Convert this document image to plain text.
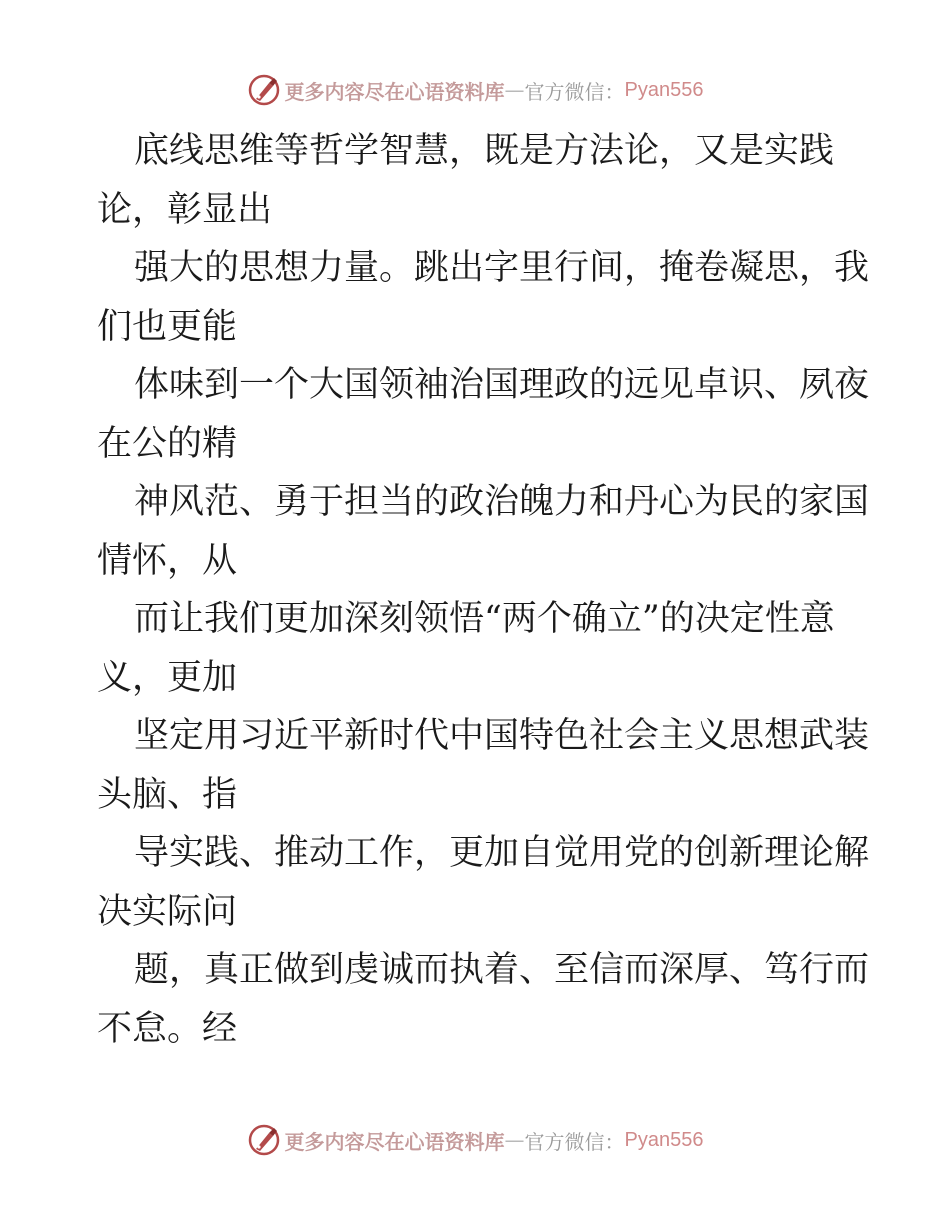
更多内容尽在心语资料库 — 官方微信： Pyan556

底线思维等哲学智慧，既是方法论，又是实践
论，彰显出

强大的思想力量。跳出字里行间，掩卷凝思，我
们也更能

体味到一个大国领袖治国理政的远见卓识、夙夜
在公的精

神风范、勇于担当的政治魄力和丹心为民的家国
情怀，从

而让我们更加深刻领悟“两个确立”的决定性意
义，更加

坚定用习近平新时代中国特色社会主义思想武装
头脑、指

导实践、推动工作，更加自觉用党的创新理论解
决实际问

题，真正做到虔诚而执着、至信而深厚、笃行而
不怠。经

更多内容尽在心语资料库 — 官方微信： Pyan556
